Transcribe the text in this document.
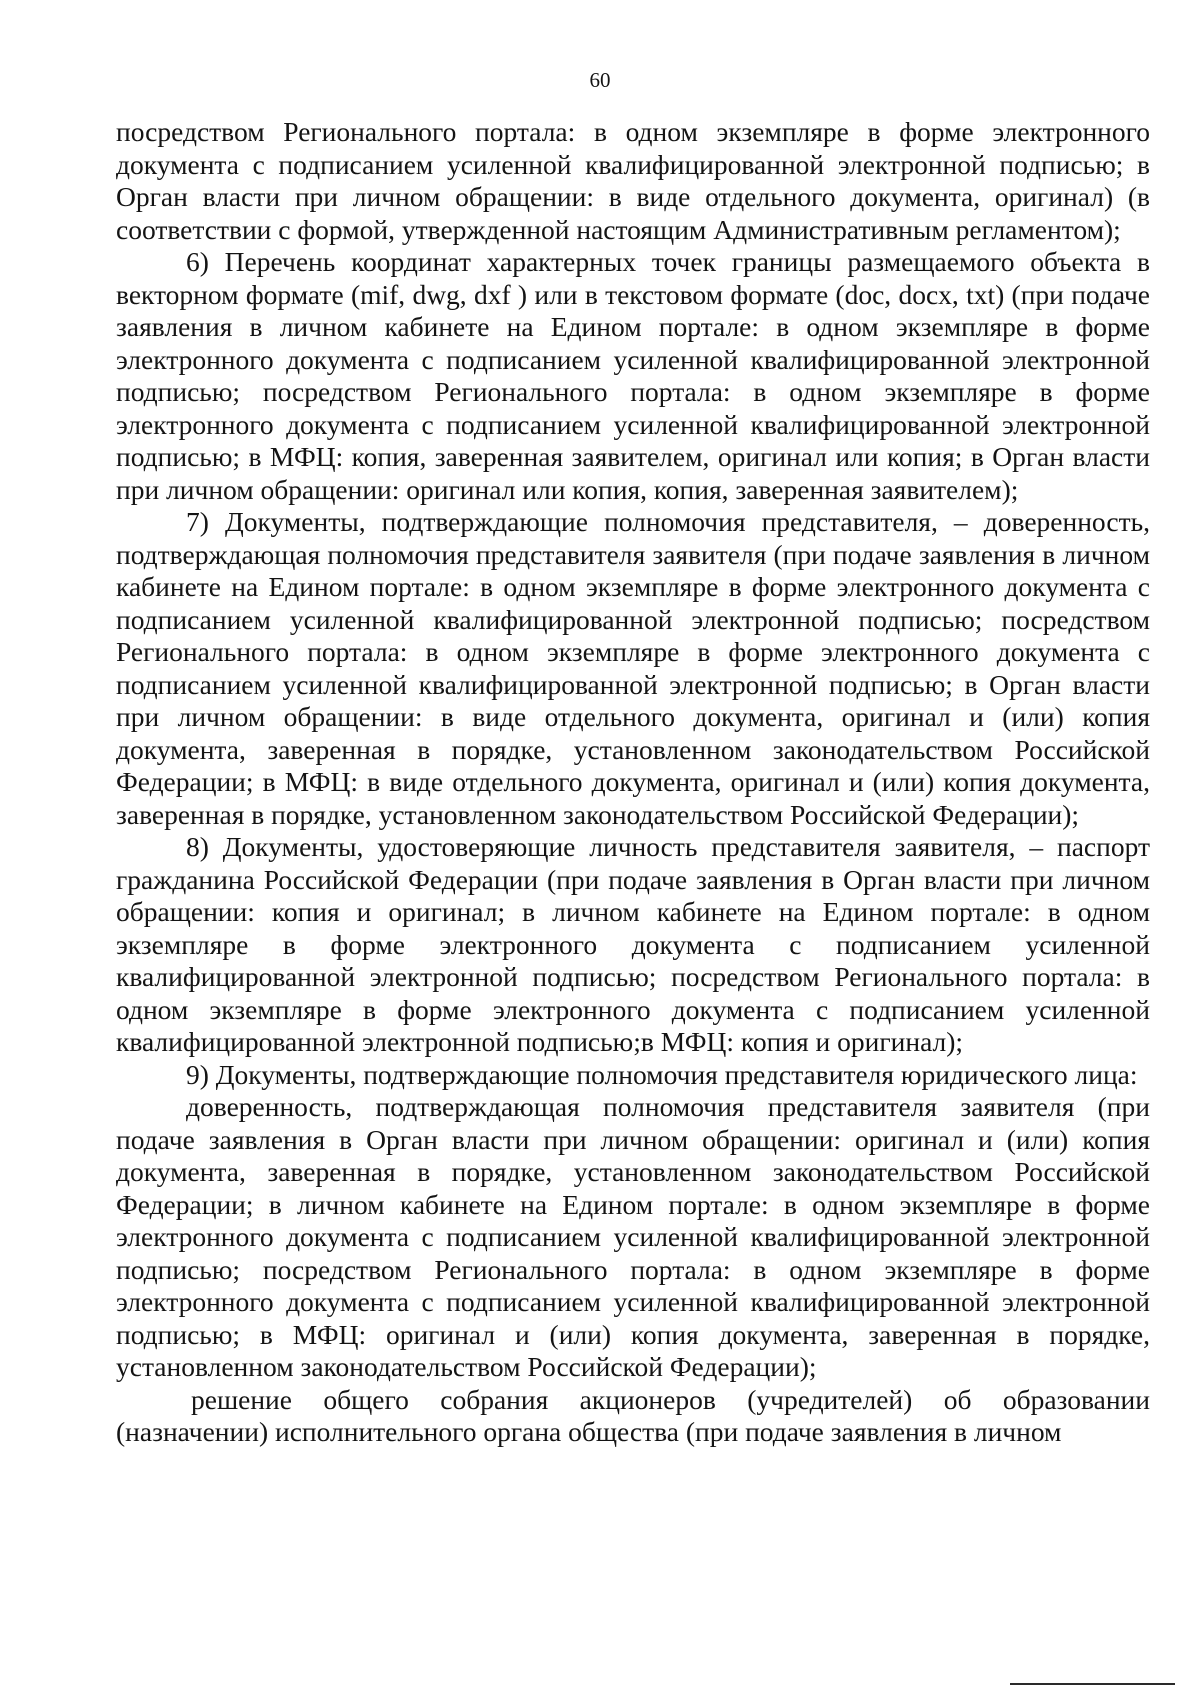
60

посредством Регионального портала: в одном экземпляре в форме электронного документа с подписанием усиленной квалифицированной электронной подписью; в Орган власти при личном обращении: в виде отдельного документа, оригинал) (в соответствии с формой, утвержденной настоящим Административным регламентом);

6) Перечень координат характерных точек границы размещаемого объекта в векторном формате (mif, dwg, dxf ) или в текстовом формате (doc, docx, txt) (при подаче заявления в личном кабинете на Едином портале: в одном экземпляре в форме электронного документа с подписанием усиленной квалифицированной электронной подписью; посредством Регионального портала: в одном экземпляре в форме электронного документа с подписанием усиленной квалифицированной электронной подписью; в МФЦ: копия, заверенная заявителем, оригинал или копия; в Орган власти при личном обращении: оригинал или копия, копия, заверенная заявителем);

7) Документы, подтверждающие полномочия представителя, – доверенность, подтверждающая полномочия представителя заявителя (при подаче заявления в личном кабинете на Едином портале: в одном экземпляре в форме электронного документа с подписанием усиленной квалифицированной электронной подписью; посредством Регионального портала: в одном экземпляре в форме электронного документа с подписанием усиленной квалифицированной электронной подписью; в Орган власти при личном обращении: в виде отдельного документа, оригинал и (или) копия документа, заверенная в порядке, установленном законодательством Российской Федерации; в МФЦ: в виде отдельного документа, оригинал и (или) копия документа, заверенная в порядке, установленном законодательством Российской Федерации);

8) Документы, удостоверяющие личность представителя заявителя, – паспорт гражданина Российской Федерации (при подаче заявления в Орган власти при личном обращении: копия и оригинал; в личном кабинете на Едином портале: в одном экземпляре в форме электронного документа с подписанием усиленной квалифицированной электронной подписью; посредством Регионального портала: в одном экземпляре в форме электронного документа с подписанием усиленной квалифицированной электронной подписью;в МФЦ: копия и оригинал);

9) Документы, подтверждающие полномочия представителя юридического лица:

доверенность, подтверждающая полномочия представителя заявителя (при подаче заявления в Орган власти при личном обращении: оригинал и (или) копия документа, заверенная в порядке, установленном законодательством Российской Федерации; в личном кабинете на Едином портале: в одном экземпляре в форме электронного документа с подписанием усиленной квалифицированной электронной подписью; посредством Регионального портала: в одном экземпляре в форме электронного документа с подписанием усиленной квалифицированной электронной подписью; в МФЦ: оригинал и (или) копия документа, заверенная в порядке, установленном законодательством Российской Федерации);

решение общего собрания акционеров (учредителей) об образовании (назначении) исполнительного органа общества (при подаче заявления в личном
